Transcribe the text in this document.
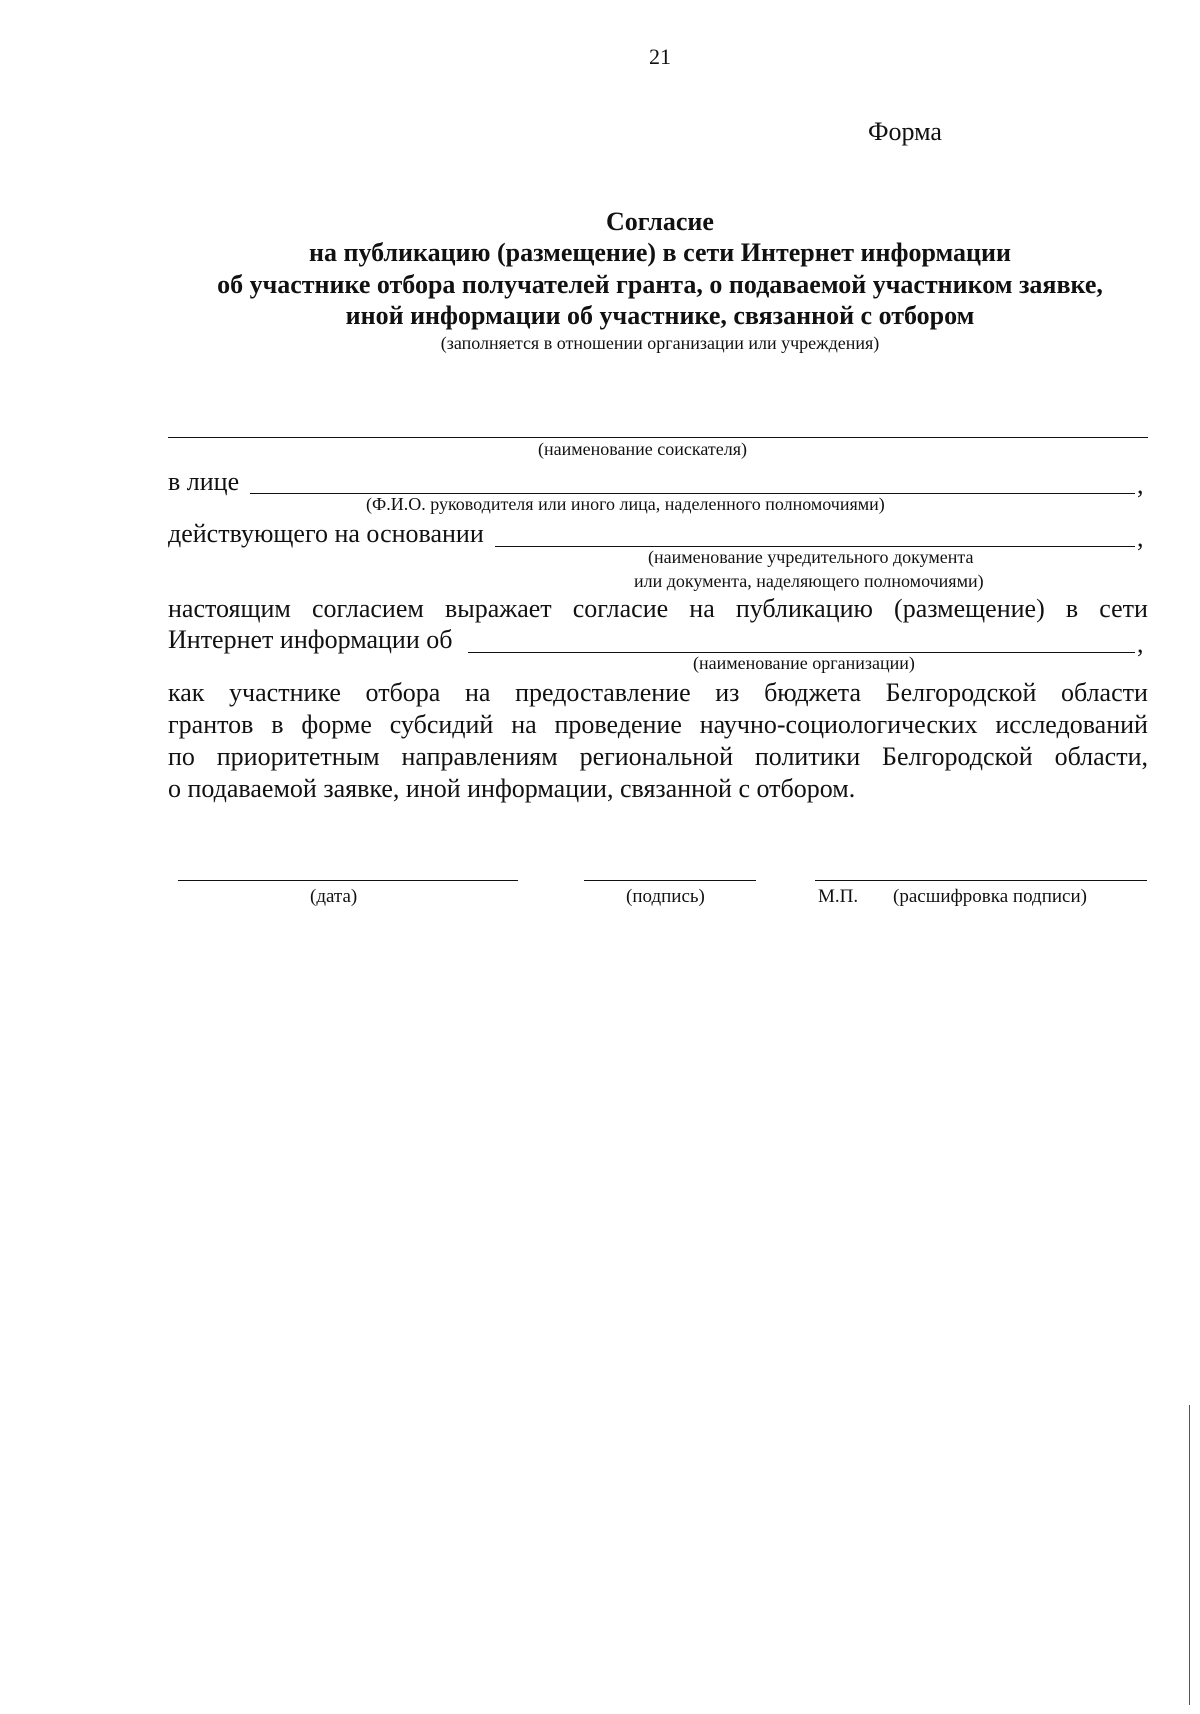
21
Форма
Согласие
на публикацию (размещение) в сети Интернет информации
об участнике отбора получателей гранта, о подаваемой участником заявке,
иной информации об участнике, связанной с отбором
(заполняется в отношении организации или учреждения)
(наименование соискателя)
в лице	,
(Ф.И.О. руководителя или иного лица, наделенного полномочиями)
действующего на основании	,
(наименование учредительного документа
или документа, наделяющего полномочиями)
настоящим согласием выражает согласие на публикацию (размещение) в сети
Интернет информации об	,
(наименование организации)
как участнике отбора на предоставление из бюджета Белгородской области
грантов в форме субсидий на проведение научно-социологических исследований
по приоритетным направлениям региональной политики Белгородской области,
о подаваемой заявке, иной информации, связанной с отбором.
(дата)	(подпись)	М.П. (расшифровка подписи)
